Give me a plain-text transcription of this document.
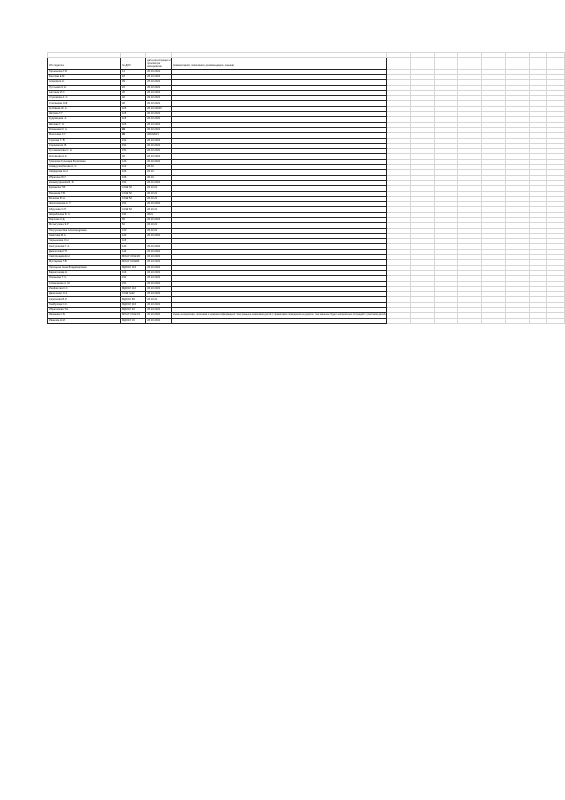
ИС педагога	№ ДОУ	дата регистрации и просмотра материалов	(комментарии, пожелания, рекомендации, оценка)								
Горшенина Г.Я.	14	26.10.2021									
Бессова Е.М.	18	26.10.2021									
Агарева Е.Н.	99	26.10.2021									
Хуттыева О.Н.	20	26.10.2021									
Антонюк И.С.	36	26.10.2021									
Стрелкова А. С.	40	26.10.2021									
Степанова Э.Ф.	38	26.10.2021									
Кулбаева Ж. А.	115	26.10.20210									
Шипова Т.Г	115	26.10.2021									
Кудрявцева. А.	115	26.10.2021									
Шилова Г. Н.	115	26.10.2021									
Романова И. А.	99	26.10.2021									
Моисеева С.Г	99	26102021									
Сурнова Т. В.	151	26.10.2021									
Сорокина Е. В.	151	26.10.2021									
Кутлахметова С. Н.	151	26.10.2021									
Кислякова А.А.	40	26.10.2021									
Гумерова Гульнара Булатовна	123	26.10.2021									
Ахмадулиебетова А. С.	113	26.10									
Хайдарова Н.Н.	104	26.10.									
Ибрагина Ю.Г.	106	26.10.									
Низамутдинова Б. Ф.	151	26.10.2021									
Ермакова Т.В.	СОШ 52	26.10.21									
Разаеева Т.В.	СОШ 52	26.10.21									
Волкова Ю.А.	СОШ 52	26.10.21									
Жалголанова А. Т.	151	26.10.2021									
Абдулова О.П.	СОШ 52	26.10.21									
Шарабикова Ф. С.	151	2021									
Фирсова Л.Д.	56	26.10.2021									
Мотыгулина Э.Р	52	26.10.21									
Петрухина Яна Александровна	123	26.10.21									
Никитова М.А.	124	26.10.2021									
Чернышева О.Н	115										
Кантусонова Г. А.	123	26.10.2021									
Джалилова Г.П.	124	26.10.2021									
Смотрищева Е.Н.	МОАУ СОШ 20	26.10.2021									
Мустарова Т.В.	МОАУ СОШ20	26.10.2021									
Лисицына Анна Владимировна	МДОАУ 116	26.10.2021									
Баркетонова Н	116	26.10.2021									
Романова Т. С.	151	26.10.2021									
Алмагарова А. М.	151	26.10.2021									
Инифатова К.С.	МДОАУ 116	26.10.2021									
Даниленко О.А.	СОШ №22	26.10.2021									
Скрипкова В.И.	МДОАУ 89	26.10.21									
Гамбулова С.К.	МДОАУ 116	26.10.2021									
Ибрагимова Т.Н.	МДОАУ 40	26.10.2021									
Якшаева С.Б.	МОАУ СОШ 24	26.10.2021	очень интересная, полезная и нужная информация. Чем раньше знакомим детей с правилами поведения на дороге, тем меньше будет неприятных ситуаций с участием детей.								
Иванова Н.М.	МДОАУ 16	26.10.2021									
